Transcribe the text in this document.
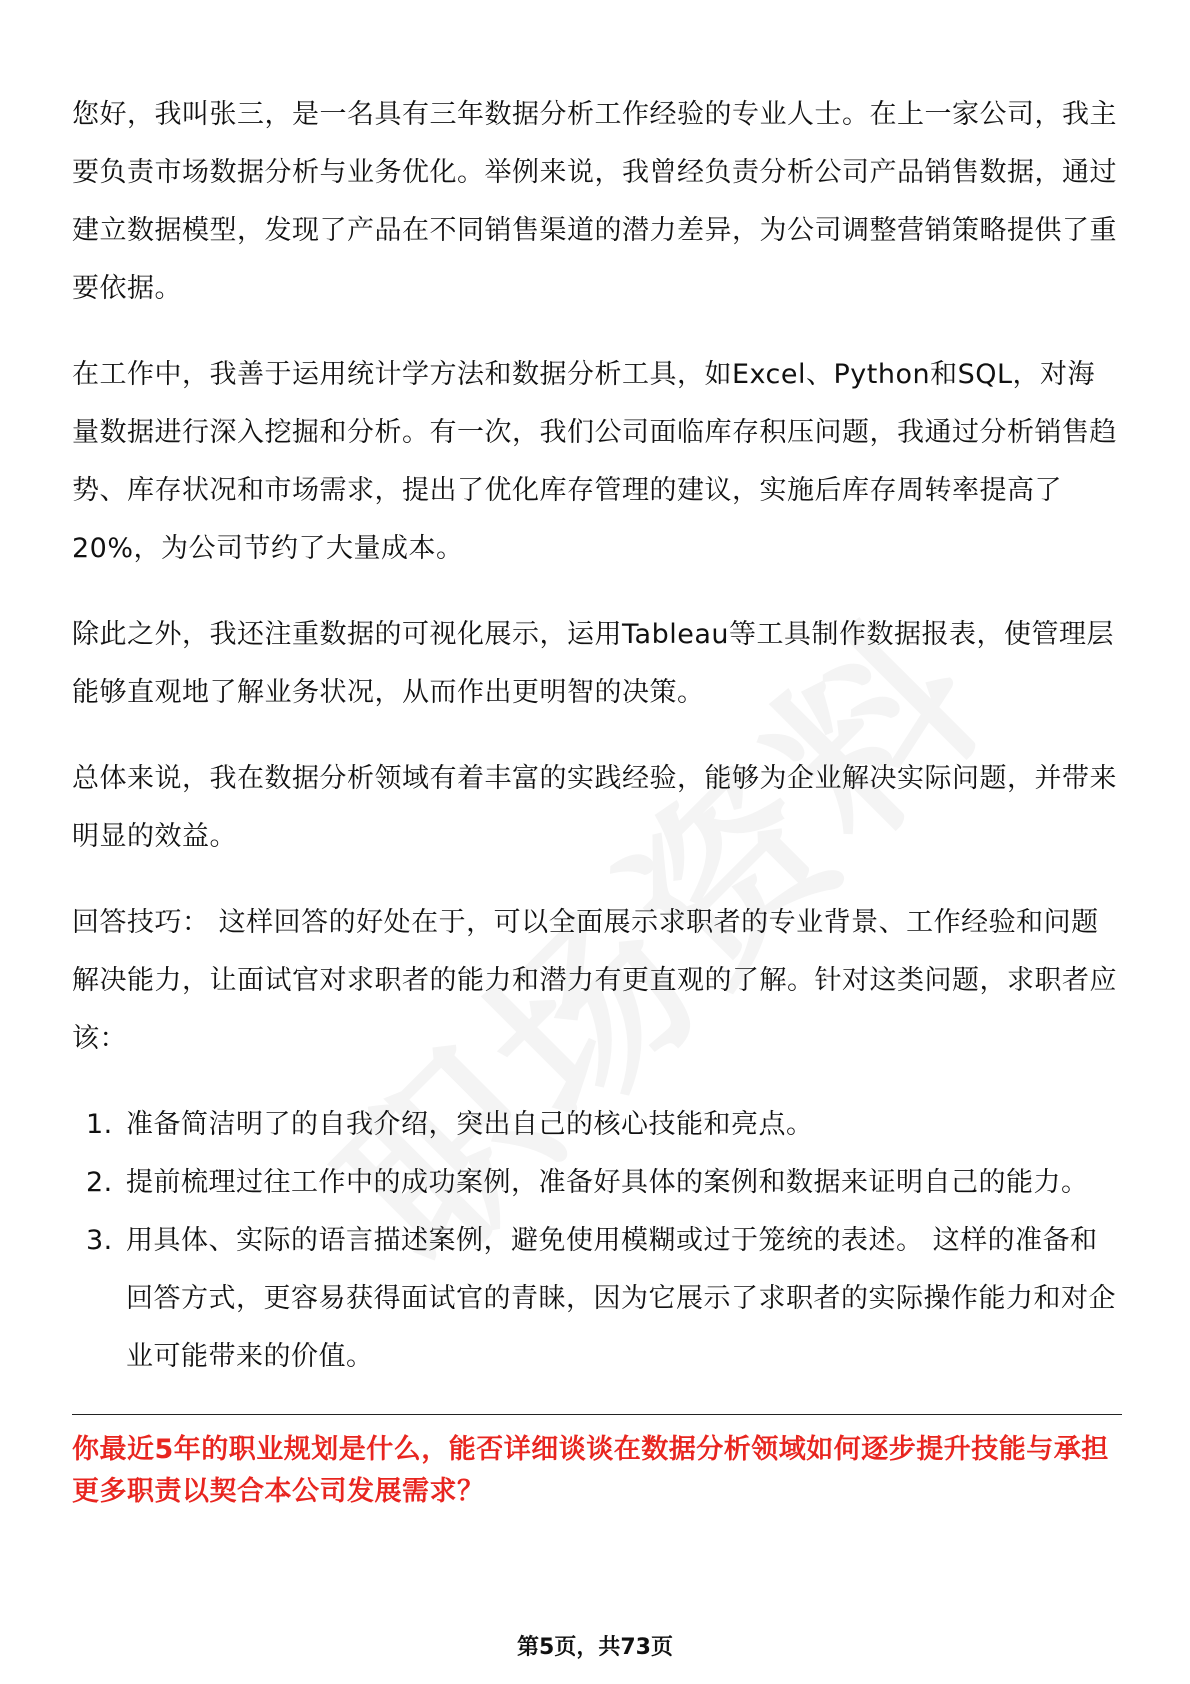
您好，我叫张三，是一名具有三年数据分析工作经验的专业人士。在上一家公司，我主要负责市场数据分析与业务优化。举例来说，我曾经负责分析公司产品销售数据，通过建立数据模型，发现了产品在不同销售渠道的潜力差异，为公司调整营销策略提供了重要依据。

在工作中，我善于运用统计学方法和数据分析工具，如Excel、Python和SQL，对海量数据进行深入挖掘和分析。有一次，我们公司面临库存积压问题，我通过分析销售趋势、库存状况和市场需求，提出了优化库存管理的建议，实施后库存周转率提高了20%，为公司节约了大量成本。

除此之外，我还注重数据的可视化展示，运用Tableau等工具制作数据报表，使管理层能够直观地了解业务状况，从而作出更明智的决策。

总体来说，我在数据分析领域有着丰富的实践经验，能够为企业解决实际问题，并带来明显的效益。

回答技巧： 这样回答的好处在于，可以全面展示求职者的专业背景、工作经验和问题解决能力，让面试官对求职者的能力和潜力有更直观的了解。针对这类问题，求职者应该：

1. 准备简洁明了的自我介绍，突出自己的核心技能和亮点。
2. 提前梳理过往工作中的成功案例，准备好具体的案例和数据来证明自己的能力。
3. 用具体、实际的语言描述案例，避免使用模糊或过于笼统的表述。 这样的准备和回答方式，更容易获得面试官的青睐，因为它展示了求职者的实际操作能力和对企业可能带来的价值。
你最近5年的职业规划是什么，能否详细谈谈在数据分析领域如何逐步提升技能与承担更多职责以契合本公司发展需求？
第5页，共73页
